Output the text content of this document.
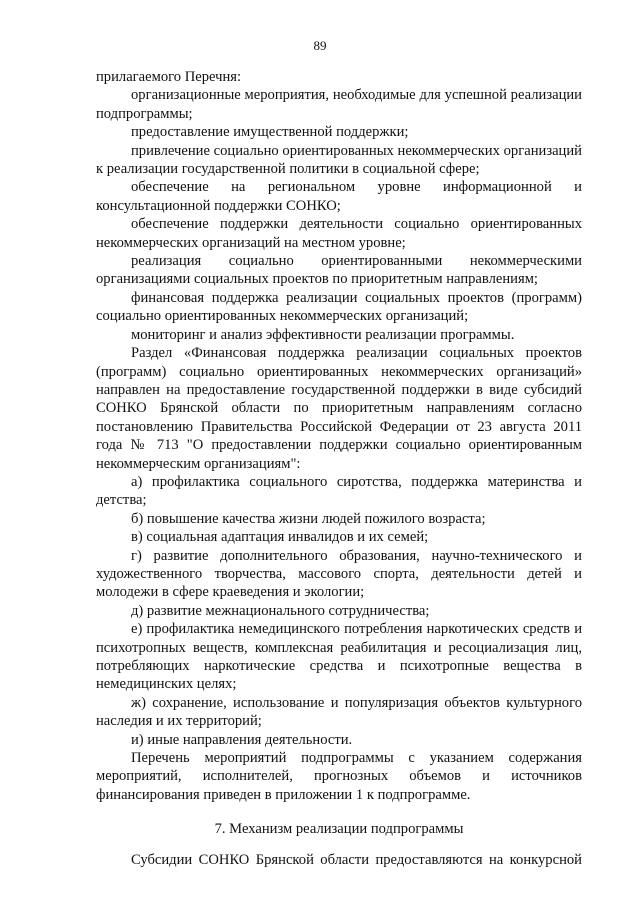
89

прилагаемого Перечня:

организационные мероприятия, необходимые для успешной реализации подпрограммы;

предоставление имущественной поддержки;

привлечение социально ориентированных некоммерческих организаций к реализации государственной политики в социальной сфере;

обеспечение на региональном уровне информационной и консультационной поддержки СОНКО;

обеспечение поддержки деятельности социально ориентированных некоммерческих организаций на местном уровне;

реализация социально ориентированными некоммерческими организациями социальных проектов по приоритетным направлениям;

финансовая поддержка реализации социальных проектов (программ) социально ориентированных некоммерческих организаций;

мониторинг и анализ эффективности реализации программы.

Раздел «Финансовая поддержка реализации социальных проектов (программ) социально ориентированных некоммерческих организаций» направлен на предоставление государственной поддержки в виде субсидий СОНКО Брянской области по приоритетным направлениям согласно постановлению Правительства Российской Федерации от 23 августа 2011 года № 713 "О предоставлении поддержки социально ориентированным некоммерческим организациям":

а) профилактика социального сиротства, поддержка материнства и детства;

б) повышение качества жизни людей пожилого возраста;

в) социальная адаптация инвалидов и их семей;

г) развитие дополнительного образования, научно-технического и художественного творчества, массового спорта, деятельности детей и молодежи в сфере краеведения и экологии;

д) развитие межнационального сотрудничества;

е) профилактика немедицинского потребления наркотических средств и психотропных веществ, комплексная реабилитация и ресоциализация лиц, потребляющих наркотические средства и психотропные вещества в немедицинских целях;

ж) сохранение, использование и популяризация объектов культурного наследия и их территорий;

и) иные направления деятельности.

Перечень мероприятий подпрограммы с указанием содержания мероприятий, исполнителей, прогнозных объемов и источников финансирования приведен в приложении 1 к подпрограмме.

7. Механизм реализации подпрограммы

Субсидии СОНКО Брянской области предоставляются на конкурсной
